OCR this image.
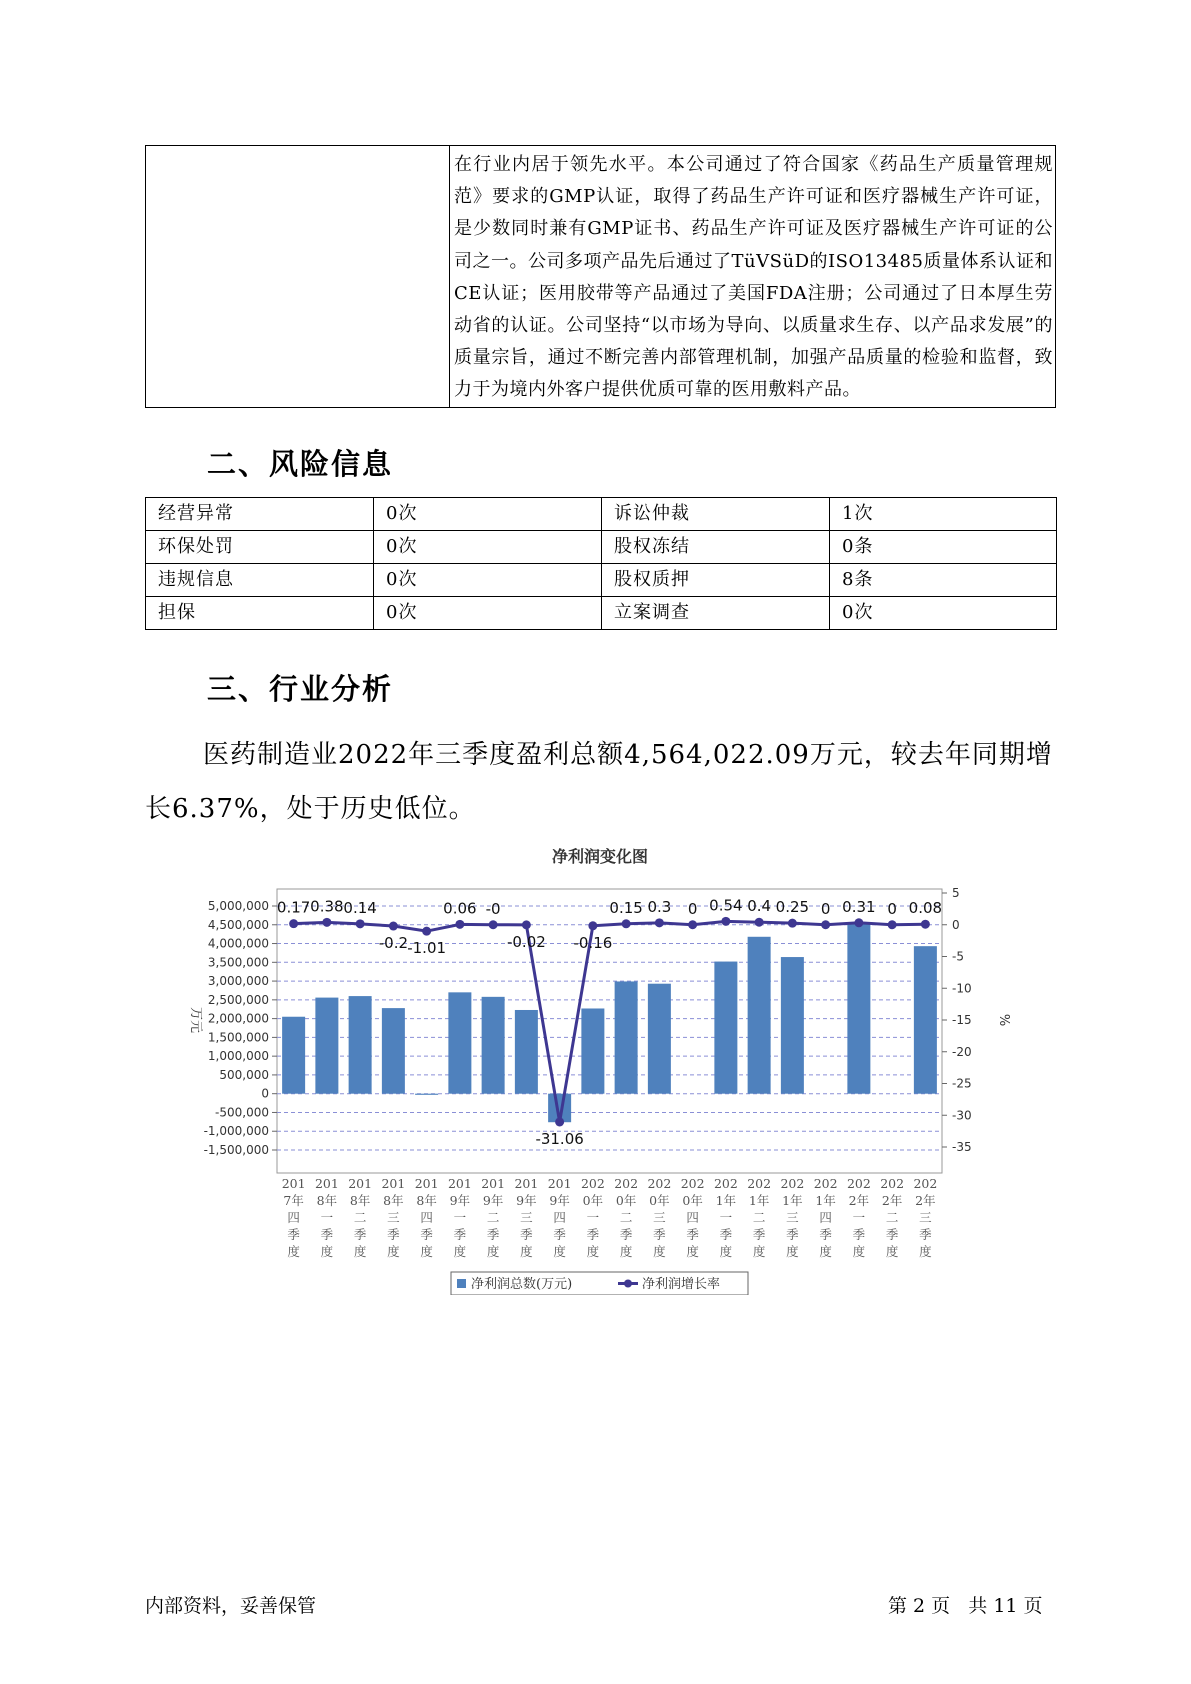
在行业内居于领先水平。本公司通过了符合国家《药品生产质量管理规范》要求的GMP认证，取得了药品生产许可证和医疗器械生产许可证，是少数同时兼有GMP证书、药品生产许可证及医疗器械生产许可证的公司之一。公司多项产品先后通过了TüVSüD的ISO13485质量体系认证和CE认证；医用胶带等产品通过了美国FDA注册；公司通过了日本厚生劳动省的认证。公司坚持“以市场为导向、以质量求生存、以产品求发展”的质量宗旨，通过不断完善内部管理机制，加强产品质量的检验和监督，致力于为境内外客户提供优质可靠的医用敷料产品。
二、风险信息
经营异常	0次	诉讼仲裁	1次
环保处罚	0次	股权冻结	0条
违规信息	0次	股权质押	8条
担保	0次	立案调查	0次
三、行业分析

医药制造业2022年三季度盈利总额4,564,022.09万元，较去年同期增长6.37%，处于历史低位。

净利润变化图
5,000,000
4,500,000
4,000,000
3,500,000
3,000,000
2,500,000
2,000,000
1,500,000
1,000,000
500,000
0
-500,000
-1,000,000
-1,500,000
5
0
-5
-10
-15
-20
-25
-30
-35
万元	%
201
7年
四
季
度
201
8年
一
季
度
201
8年
二
季
度
201
8年
三
季
度
201
8年
四
季
度
201
9年
一
季
度
201
9年
二
季
度
201
9年
三
季
度
201
9年
四
季
度
202
0年
一
季
度
202
0年
二
季
度
202
0年
三
季
度
202
0年
四
季
度
202
1年
一
季
度
202
1年
二
季
度
202
1年
三
季
度
202
1年
四
季
度
202
2年
一
季
度
202
2年
二
季
度
202
2年
三
季
度
0.17 0.38 0.14
-0.2 -1.01
0.06 -0
-0.02
-31.06
-0.16
0.15 0.3 0 0.54 0.4 0.25 0 0.31 0 0.08
净利润总数(万元)	净利润增长率
内部资料，妥善保管	第 2 页   共 11 页
